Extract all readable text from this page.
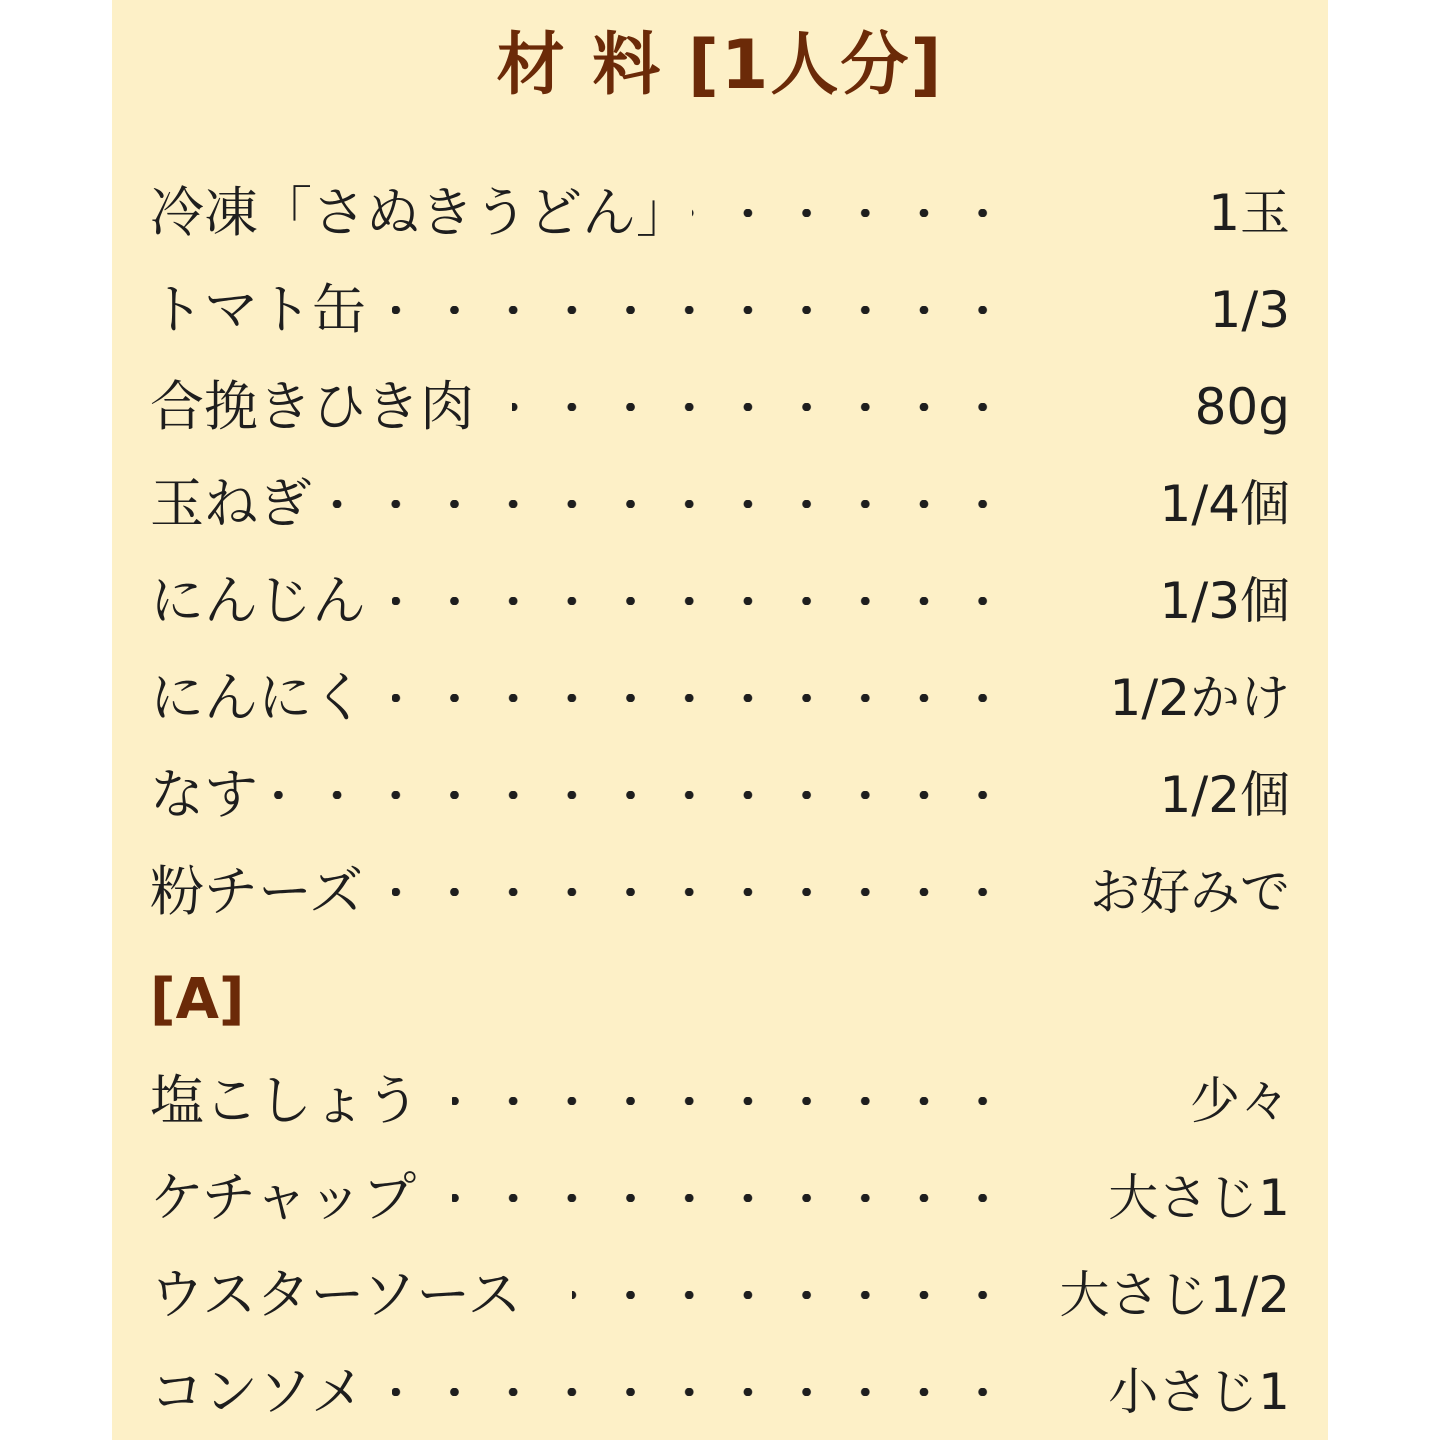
材 料 [1人分]
冷凍「さぬきうどん」	1玉
トマト缶	1/3
合挽きひき肉	80g
玉ねぎ	1/4個
にんじん	1/3個
にんにく	1/2かけ
なす	1/2個
粉チーズ	お好みで
[A]
塩こしょう	少々
ケチャップ	大さじ1
ウスターソース	大さじ1/2
コンソメ	小さじ1
